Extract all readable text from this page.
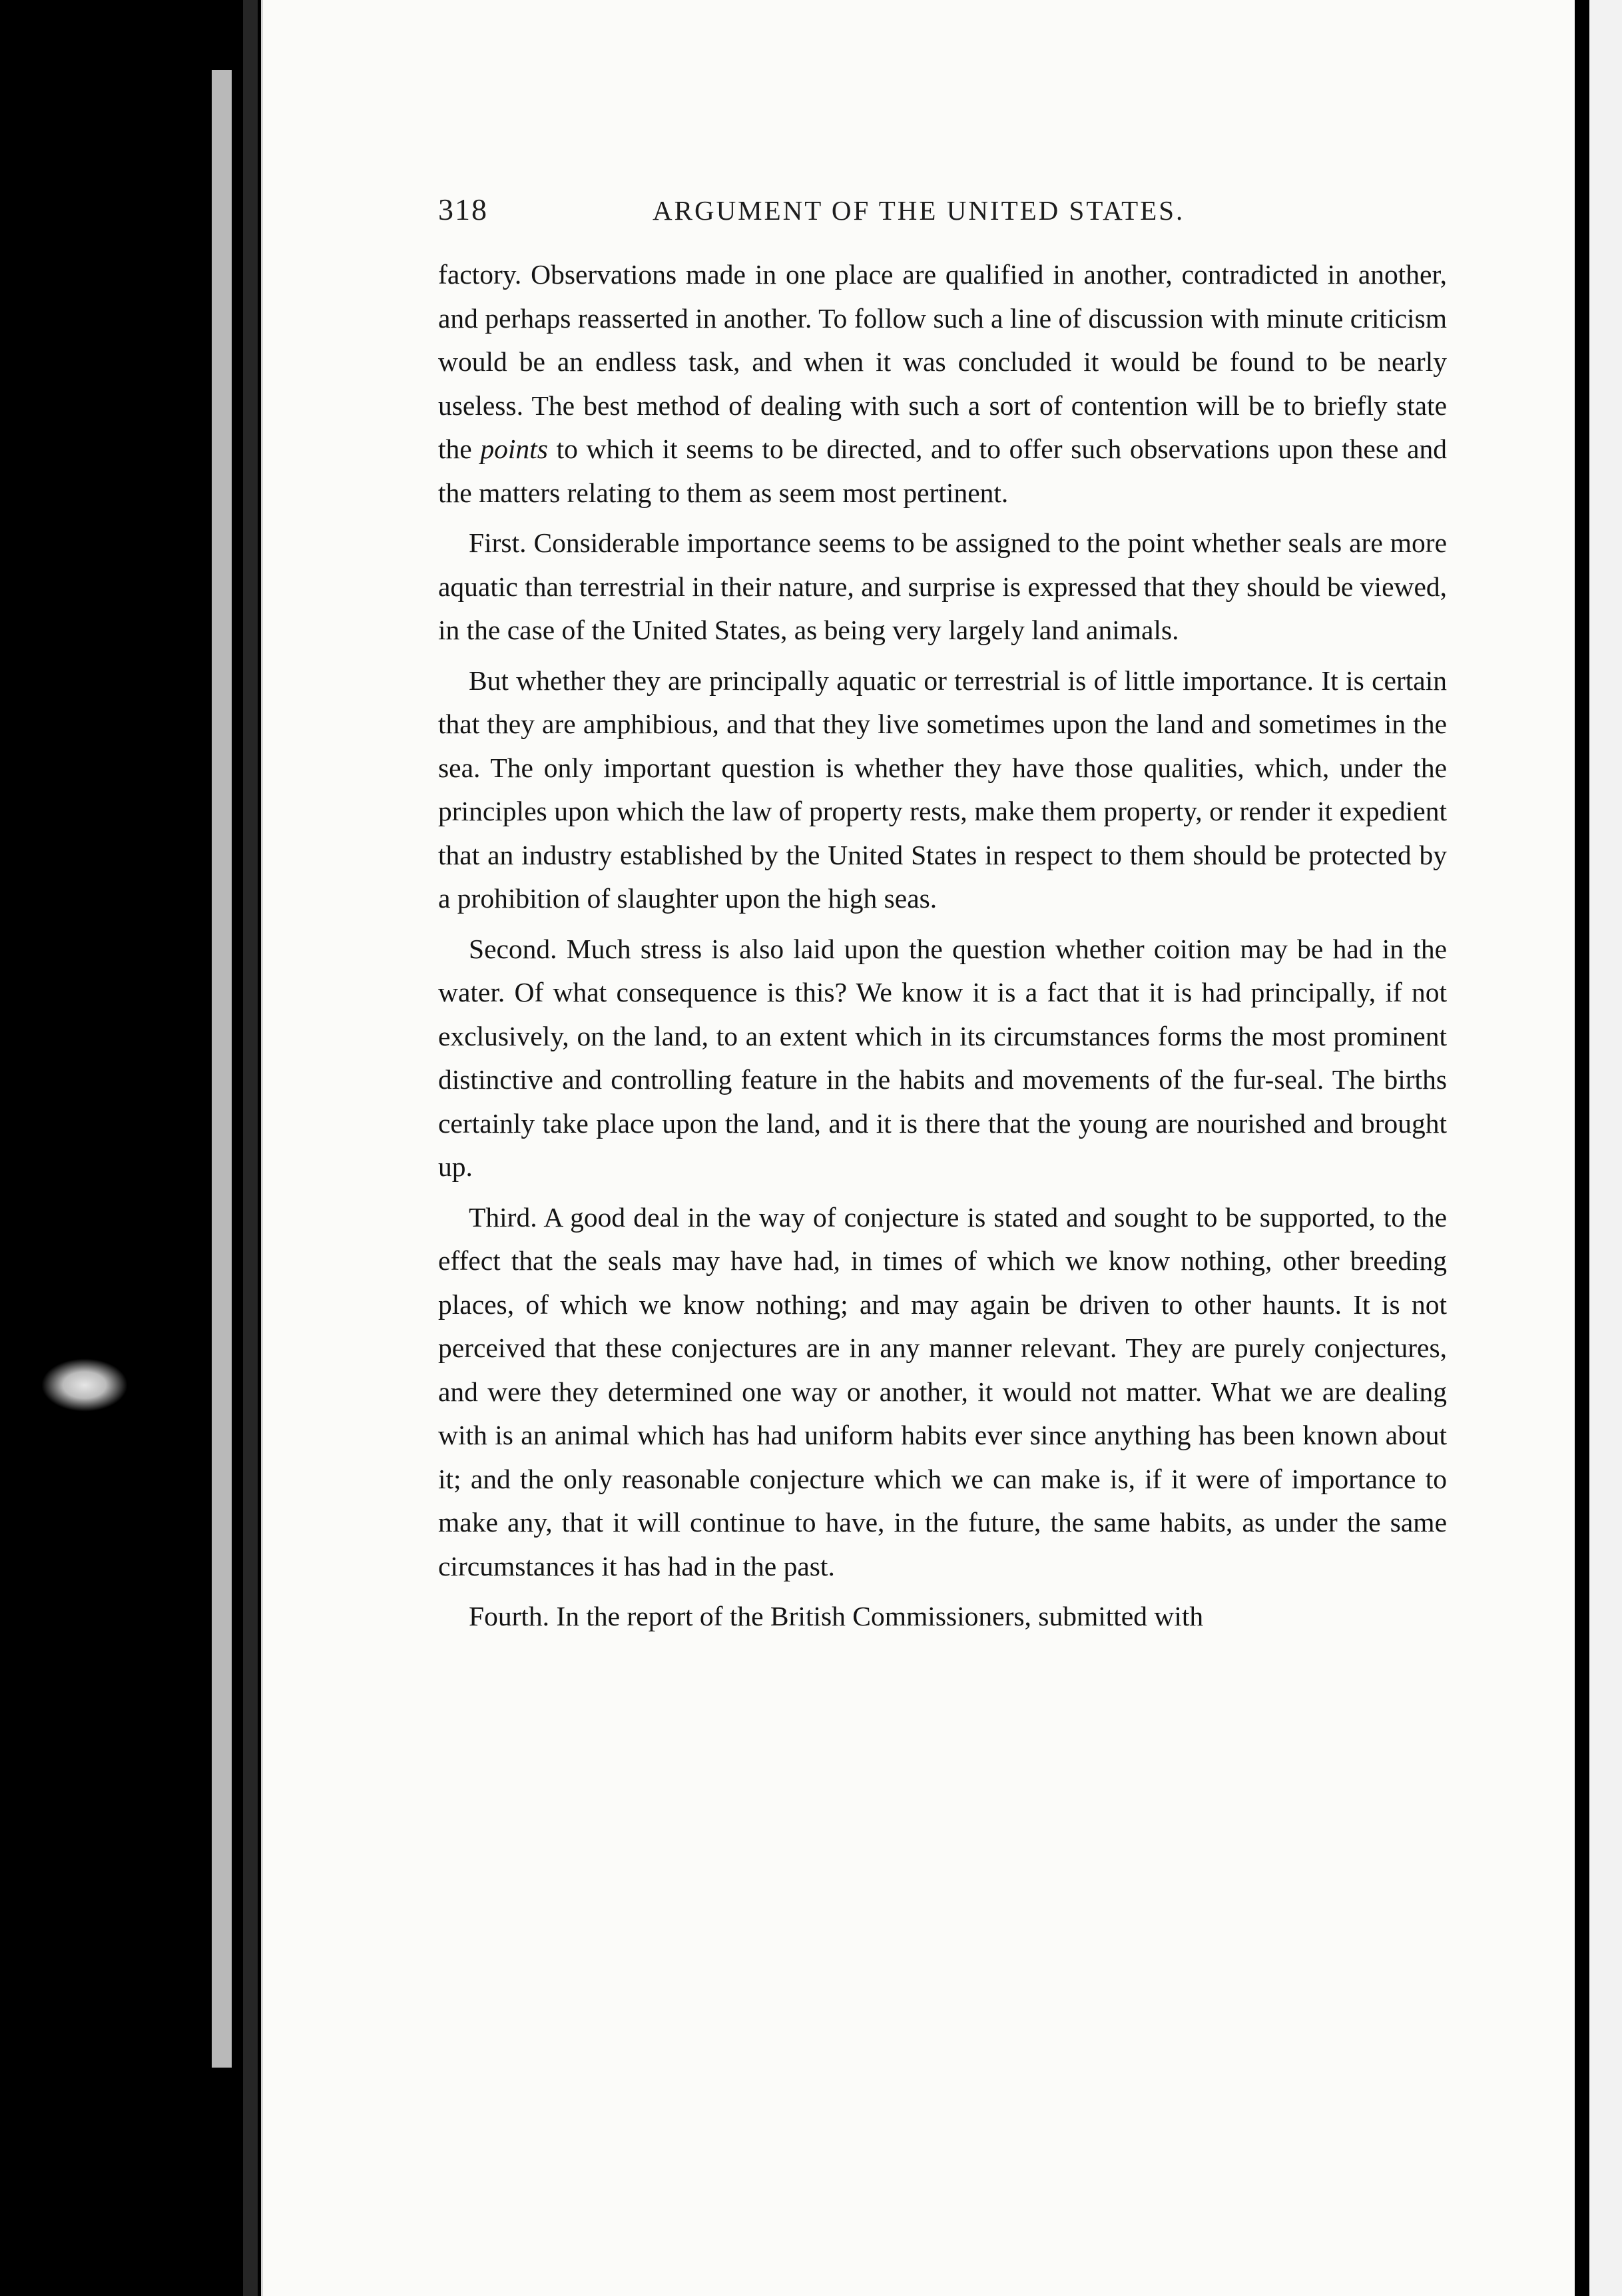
318	ARGUMENT OF THE UNITED STATES.

factory. Observations made in one place are qualified in another, contradicted in another, and perhaps reasserted in another. To follow such a line of discussion with minute criticism would be an endless task, and when it was concluded it would be found to be nearly useless. The best method of dealing with such a sort of contention will be to briefly state the points to which it seems to be directed, and to offer such observations upon these and the matters relating to them as seem most pertinent.

First. Considerable importance seems to be assigned to the point whether seals are more aquatic than terrestrial in their nature, and surprise is expressed that they should be viewed, in the case of the United States, as being very largely land animals.

But whether they are principally aquatic or terrestrial is of little importance. It is certain that they are amphibious, and that they live sometimes upon the land and sometimes in the sea. The only important question is whether they have those qualities, which, under the principles upon which the law of property rests, make them property, or render it expedient that an industry established by the United States in respect to them should be protected by a prohibition of slaughter upon the high seas.

Second. Much stress is also laid upon the question whether coition may be had in the water. Of what consequence is this? We know it is a fact that it is had principally, if not exclusively, on the land, to an extent which in its circumstances forms the most prominent distinctive and controlling feature in the habits and movements of the fur-seal. The births certainly take place upon the land, and it is there that the young are nourished and brought up.

Third. A good deal in the way of conjecture is stated and sought to be supported, to the effect that the seals may have had, in times of which we know nothing, other breeding places, of which we know nothing; and may again be driven to other haunts. It is not perceived that these conjectures are in any manner relevant. They are purely conjectures, and were they determined one way or another, it would not matter. What we are dealing with is an animal which has had uniform habits ever since anything has been known about it; and the only reasonable conjecture which we can make is, if it were of importance to make any, that it will continue to have, in the future, the same habits, as under the same circumstances it has had in the past.

Fourth. In the report of the British Commissioners, submitted with
